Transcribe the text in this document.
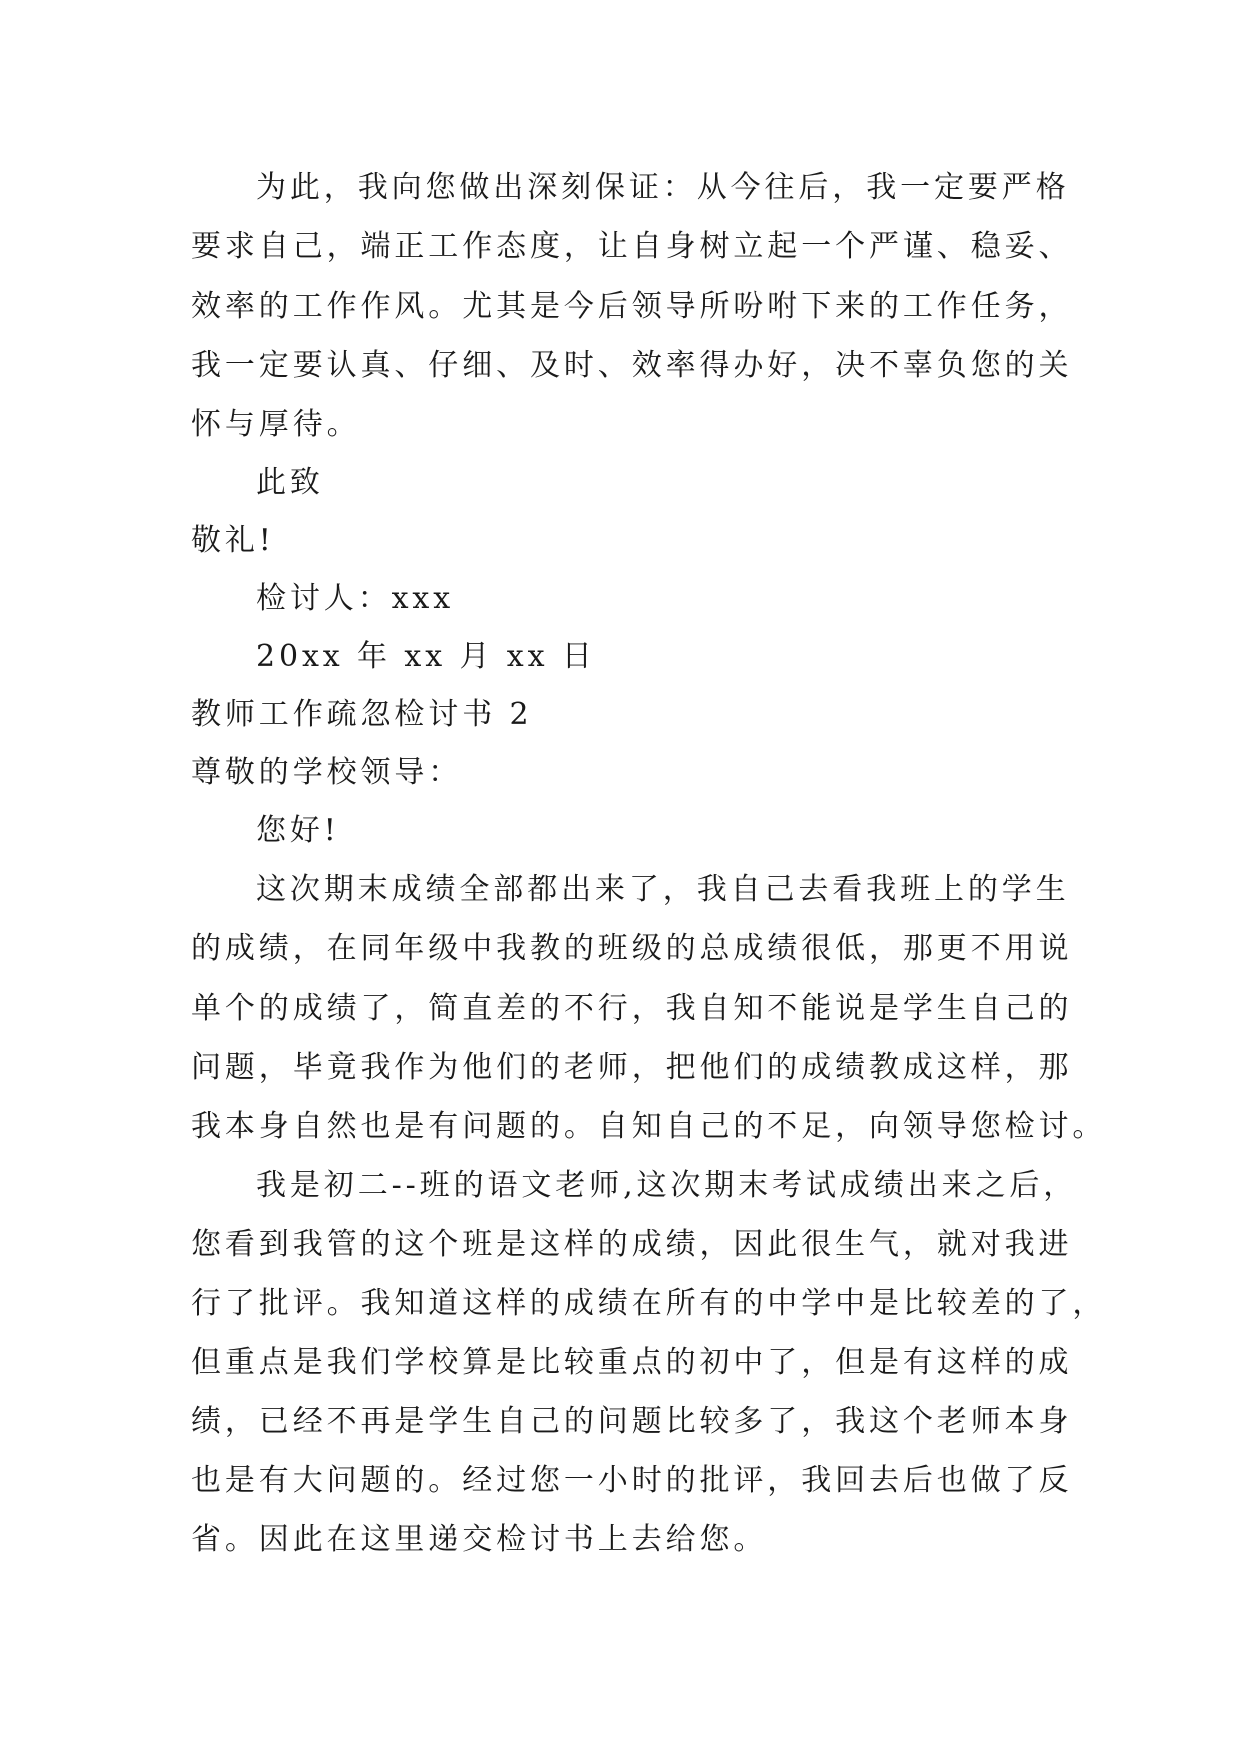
为此，我向您做出深刻保证：从今往后，我一定要严格
要求自己，端正工作态度，让自身树立起一个严谨、稳妥、
效率的工作作风。尤其是今后领导所吩咐下来的工作任务，
我一定要认真、仔细、及时、效率得办好，决不辜负您的关
怀与厚待。
此致
敬礼!
检讨人：xxx
20xx 年 xx 月 xx 日
教师工作疏忽检讨书 2
尊敬的学校领导：
您好!
这次期末成绩全部都出来了，我自己去看我班上的学生
的成绩，在同年级中我教的班级的总成绩很低，那更不用说
单个的成绩了，简直差的不行，我自知不能说是学生自己的
问题，毕竟我作为他们的老师，把他们的成绩教成这样，那
我本身自然也是有问题的。自知自己的不足，向领导您检讨。
我是初二--班的语文老师,这次期末考试成绩出来之后，
您看到我管的这个班是这样的成绩，因此很生气，就对我进
行了批评。我知道这样的成绩在所有的中学中是比较差的了，
但重点是我们学校算是比较重点的初中了，但是有这样的成
绩，已经不再是学生自己的问题比较多了，我这个老师本身
也是有大问题的。经过您一小时的批评，我回去后也做了反
省。因此在这里递交检讨书上去给您。
